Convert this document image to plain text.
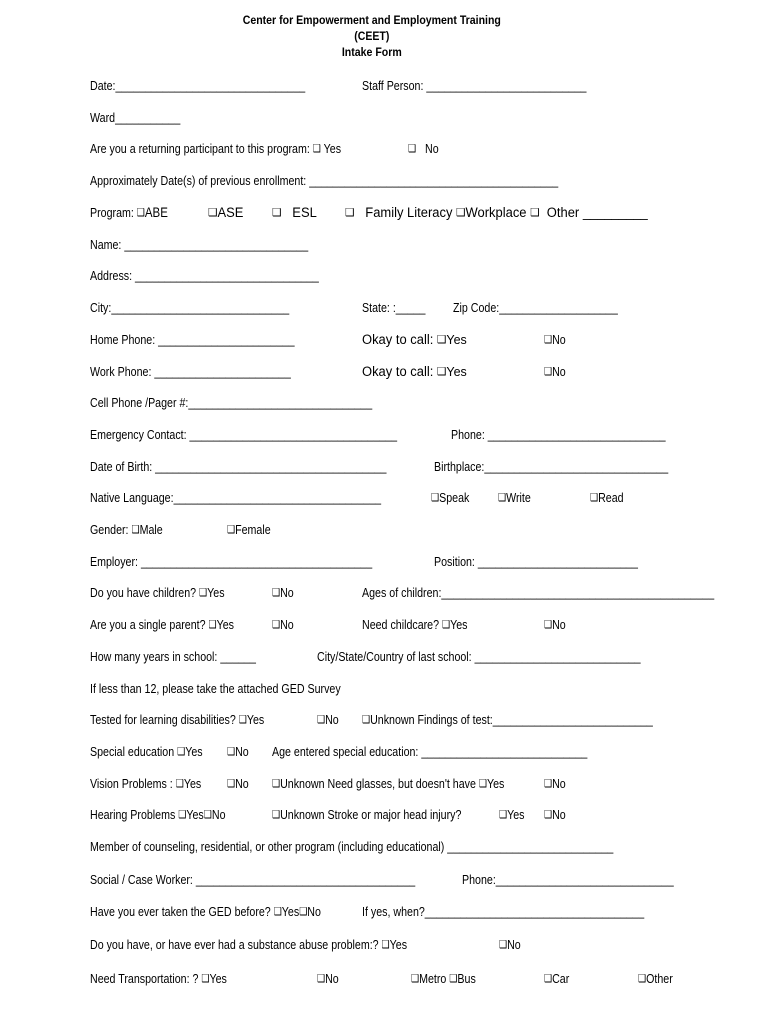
Center for Empowerment and Employment Training
(CEET)
Intake Form
Date:________________________________	Staff Person: ___________________________
Ward___________
Are you a returning participant to this program: ❑ Yes	❑ No
Approximately Date(s) of previous enrollment: __________________________________________
Program: ❑ABE	❑ASE	❑ ESL	❑ Family Literacy ❑Workplace ❑ Other _________
Name: _______________________________
Address: _______________________________
City:______________________________	State: :_____ Zip Code:____________________
Home Phone: _______________________	Okay to call: ❑Yes	❑No
Work Phone: _______________________	Okay to call: ❑Yes	❑No
Cell Phone /Pager #:_______________________________
Emergency Contact: ___________________________________	Phone: ______________________________
Date of Birth: _______________________________________	Birthplace:_______________________________
Native Language:___________________________________	❑Speak	❑Write	❑Read
Gender: ❑Male	❑Female
Employer: _______________________________________	Position: ___________________________
Do you have children? ❑Yes	❑No	Ages of children:______________________________________________
Are you a single parent? ❑Yes	❑No	Need childcare? ❑Yes	❑No
How many years in school: ______	City/State/Country of last school: ____________________________
If less than 12, please take the attached GED Survey
Tested for learning disabilities? ❑Yes	❑No ❑Unknown Findings of test:___________________________
Special education ❑Yes ❑No Age entered special education: ____________________________
Vision Problems : ❑Yes ❑No ❑Unknown Need glasses, but doesn't have ❑Yes	❑No
Hearing Problems ❑Yes❑No	❑Unknown Stroke or major head injury?	❑Yes ❑No
Member of counseling, residential, or other program (including educational) ____________________________
Social / Case Worker: _____________________________________	Phone:______________________________
Have you ever taken the GED before? ❑Yes❑No	If yes, when?_____________________________________
Do you have, or have ever had a substance abuse problem:? ❑Yes	❑No
Need Transportation: ? ❑Yes	❑No	❑Metro ❑Bus	❑Car	❑Other
